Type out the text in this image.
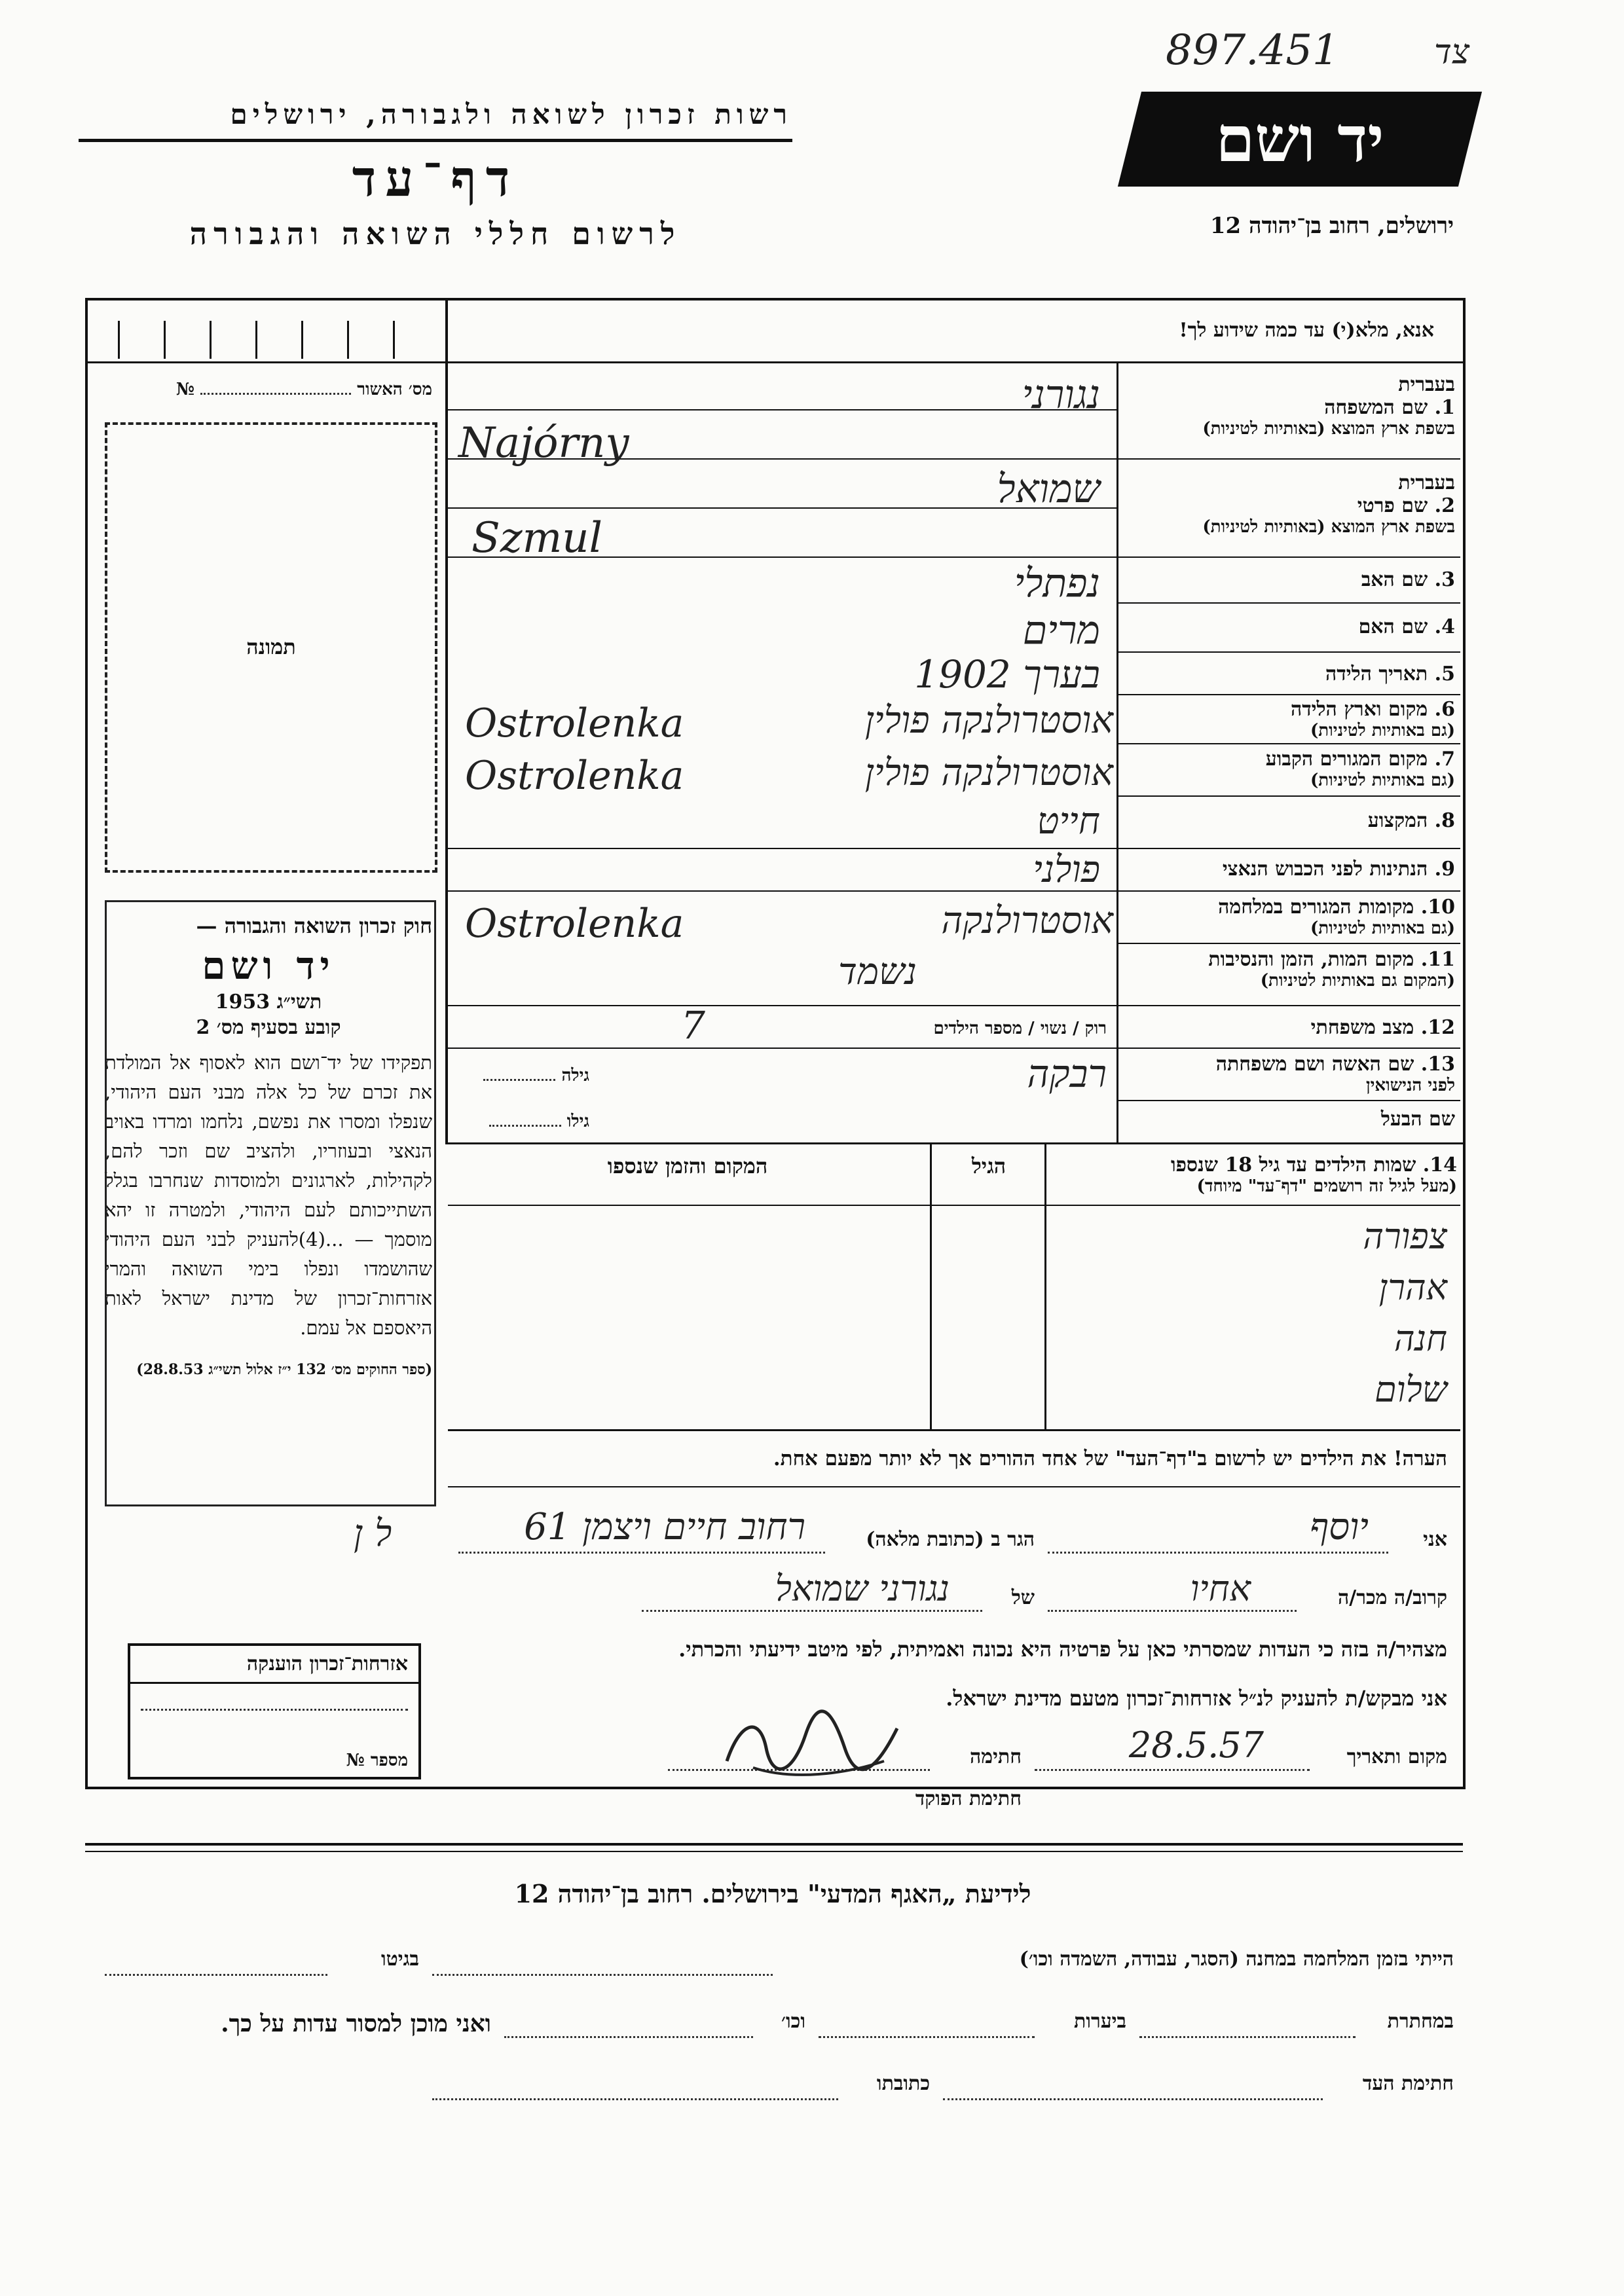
רשות זכרון לשואה ולגבורה, ירושלים
דף־עד
לרשום חללי השואה והגבורה
897.451	צד
יד ושם
ירושלים, רחוב בן־יהודה 12
אנא, מלא(י) עד כמה שידוע לך!
מס׳ האשור  №
תמונה
חוק זכרון השואה והגבורה —
יד ושם
תשי״ג 1953
קובע בסעיף מס׳ 2
תפקידו של יד־ושם הוא לאסוף אל המולדת את זכרם של כל אלה מבני העם היהודי, שנפלו ומסרו את נפשם, נלחמו ומרדו באויב הנאצי ובעוזריו, ולהציב שם וזכר להם, לקהילות, לארגונים ולמוסדות שנחרבו בגלל השתייכותם לעם היהודי, ולמטרה זו יהא מוסמך — ...(4)להעניק לבני העם היהודי שהושמדו ונפלו בימי השואה והמרי אזרחות־זכרון של מדינת ישראל לאות היאספם אל עמם.
(ספר החוקים מס׳ 132 י״ז אלול תשי״ג 28.8.53)
ל ן
אזרחות־זכרון הוענקה
מספר №
בעברית
1. שם המשפחה
בשפת ארץ המוצא (באותיות לטיניות)
נגורני
Najórny
בעברית
2. שם פרטי
בשפת ארץ המוצא (באותיות לטיניות)
שמואל
Szmul
3. שם האב
נפתלי
4. שם האם
מרים
5. תאריך הלידה
בערך 1902
6. מקום וארץ הלידה
(גם באותיות לטיניות)
אוסטרולנקה פולין
Ostrolenka
7. מקום המגורים הקבוע
(גם באותיות לטיניות)
אוסטרולנקה פולין
Ostrolenka
8. המקצוע
חייט
9. הנתינות לפני הכבוש הנאצי
פולני
10. מקומות המגורים במלחמה
(גם באותיות לטיניות)
אוסטרולנקה
Ostrolenka
11. מקום המות, הזמן והנסיבות
(המקום גם באותיות לטיניות)
נשמד
12. מצב משפחתי
רוק / נשוי / מספר הילדים
7
13. שם האשה ושם משפחתה
לפני הנישואין
רבקה
גילה
שם הבעל
גילו
14. שמות הילדים עד גיל 18 שנספו
(מעל לגיל זה רושמים "דף־עד" מיוחד)
הגיל
המקום והזמן שנספו
צפורה
אהרן
חנה
שלום
הערה! את הילדים יש לרשום ב"דף־העד" של אחד ההורים אך לא יותר מפעם אחת.
אני
יוסף
הגר ב (כתובת מלאה)
רחוב חיים ויצמן 61
קרוב/ה מכר/ה
אחיו
של
נגורני שמואל
מצהיר/ה בזה כי העדות שמסרתי כאן על פרטיה היא נכונה ואמיתית, לפי מיטב ידיעתי והכרתי.
אני מבקש/ת להעניק לנ״ל אזרחות־זכרון מטעם מדינת ישראל.
מקום ותאריך
28.5.57
חתימה
חתימת הפוקד
לידיעת „האגף המדעי" בירושלים. רחוב בן־יהודה 12
הייתי בזמן המלחמה במחנה (הסגר, עבודה, השמדה וכו׳)
בגיטו
במחתרת
ביערות
וכו׳
ואני מוכן למסור עדות על כך.
חתימת העד
כתובתו
